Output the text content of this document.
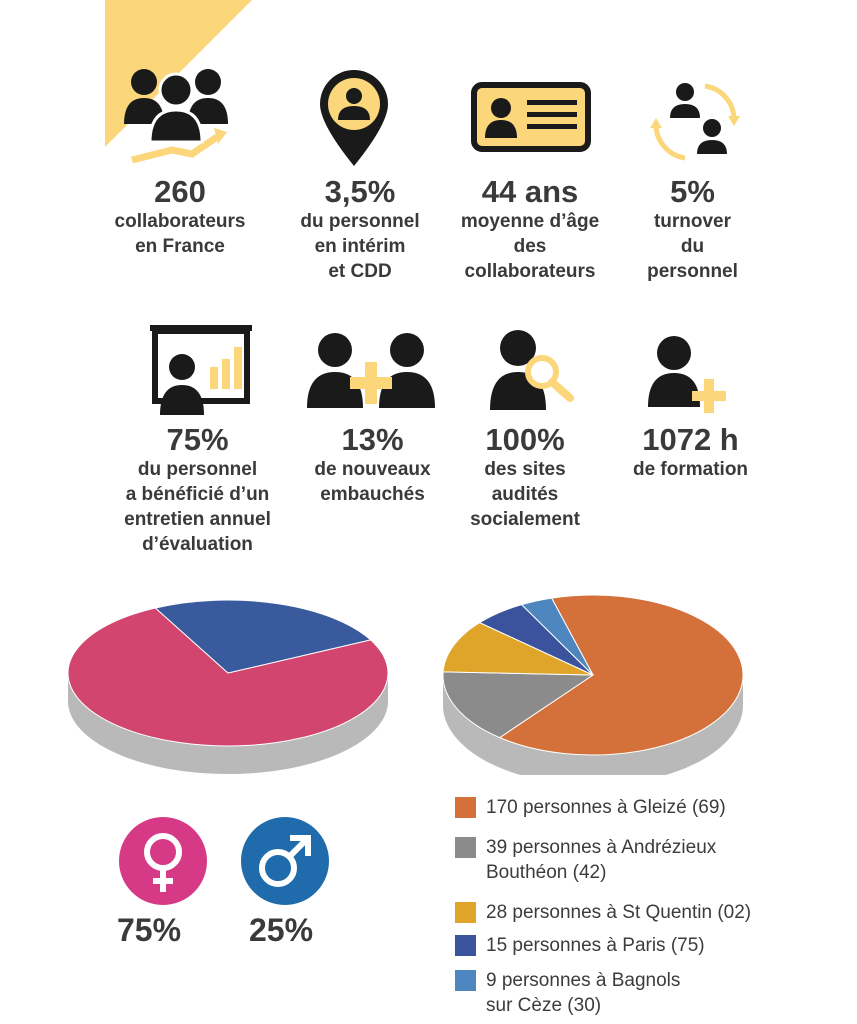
260
collaborateurs
en France
3,5%
du personnel
en intérim
et CDD
44 ans
moyenne d’âge
des
collaborateurs
5%
turnover
du
personnel
75%
du personnel
a bénéficié d’un
entretien annuel
d’évaluation
13%
de nouveaux
embauchés
100%
des sites
audités
socialement
1072 h
de formation
75% 25%
170 personnes à Gleizé (69)
39 personnes à Andrézieux
Bouthéon (42)
28 personnes à St Quentin (02)
15 personnes à Paris (75)
9 personnes à Bagnols
sur Cèze (30)
